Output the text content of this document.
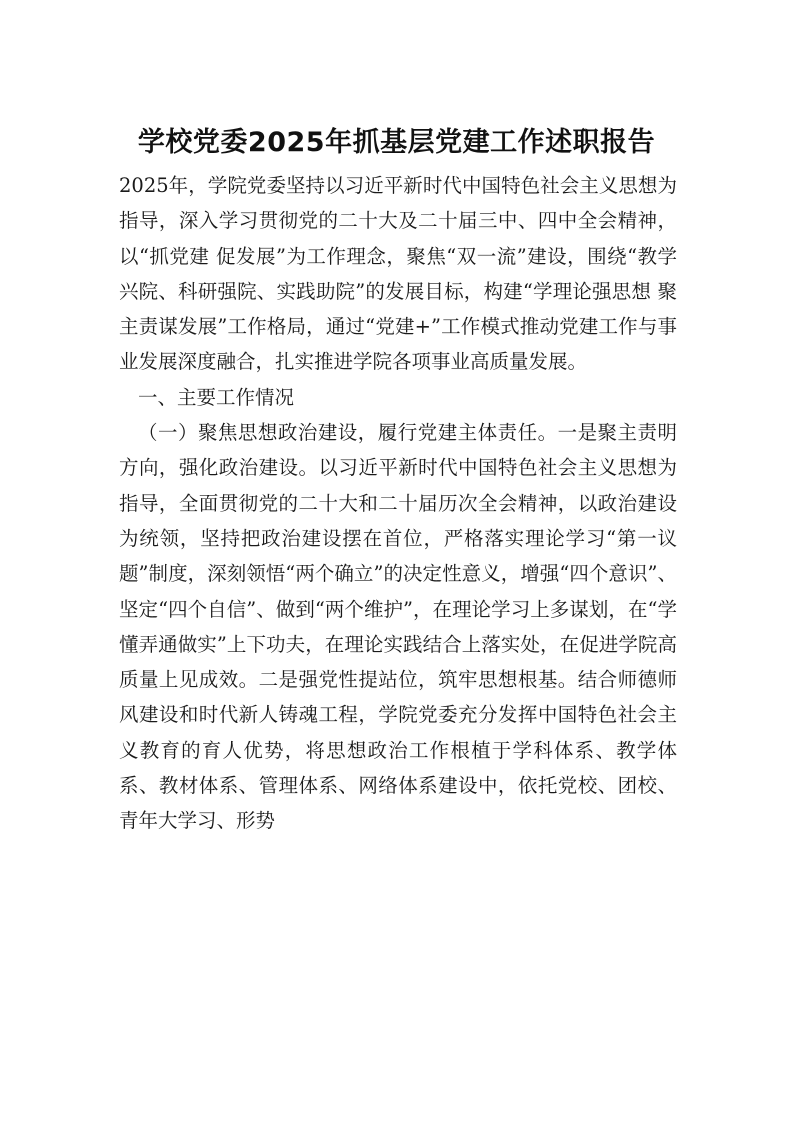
学校党委2025年抓基层党建工作述职报告

2025年，学院党委坚持以习近平新时代中国特色社会主义思想为指导，深入学习贯彻党的二十大及二十届三中、四中全会精神，以“抓党建 促发展”为工作理念，聚焦“双一流”建设，围绕“教学兴院、科研强院、实践助院”的发展目标，构建“学理论强思想 聚主责谋发展”工作格局，通过“党建+”工作模式推动党建工作与事业发展深度融合，扎实推进学院各项事业高质量发展。

一、主要工作情况

（一）聚焦思想政治建设，履行党建主体责任。一是聚主责明方向，强化政治建设。以习近平新时代中国特色社会主义思想为指导，全面贯彻党的二十大和二十届历次全会精神，以政治建设为统领，坚持把政治建设摆在首位，严格落实理论学习“第一议题”制度，深刻领悟“两个确立”的决定性意义，增强“四个意识”、坚定“四个自信”、做到“两个维护”，在理论学习上多谋划，在“学懂弄通做实”上下功夫，在理论实践结合上落实处，在促进学院高质量上见成效。二是强党性提站位，筑牢思想根基。结合师德师风建设和时代新人铸魂工程，学院党委充分发挥中国特色社会主义教育的育人优势，将思想政治工作根植于学科体系、教学体系、教材体系、管理体系、网络体系建设中，依托党校、团校、青年大学习、形势
